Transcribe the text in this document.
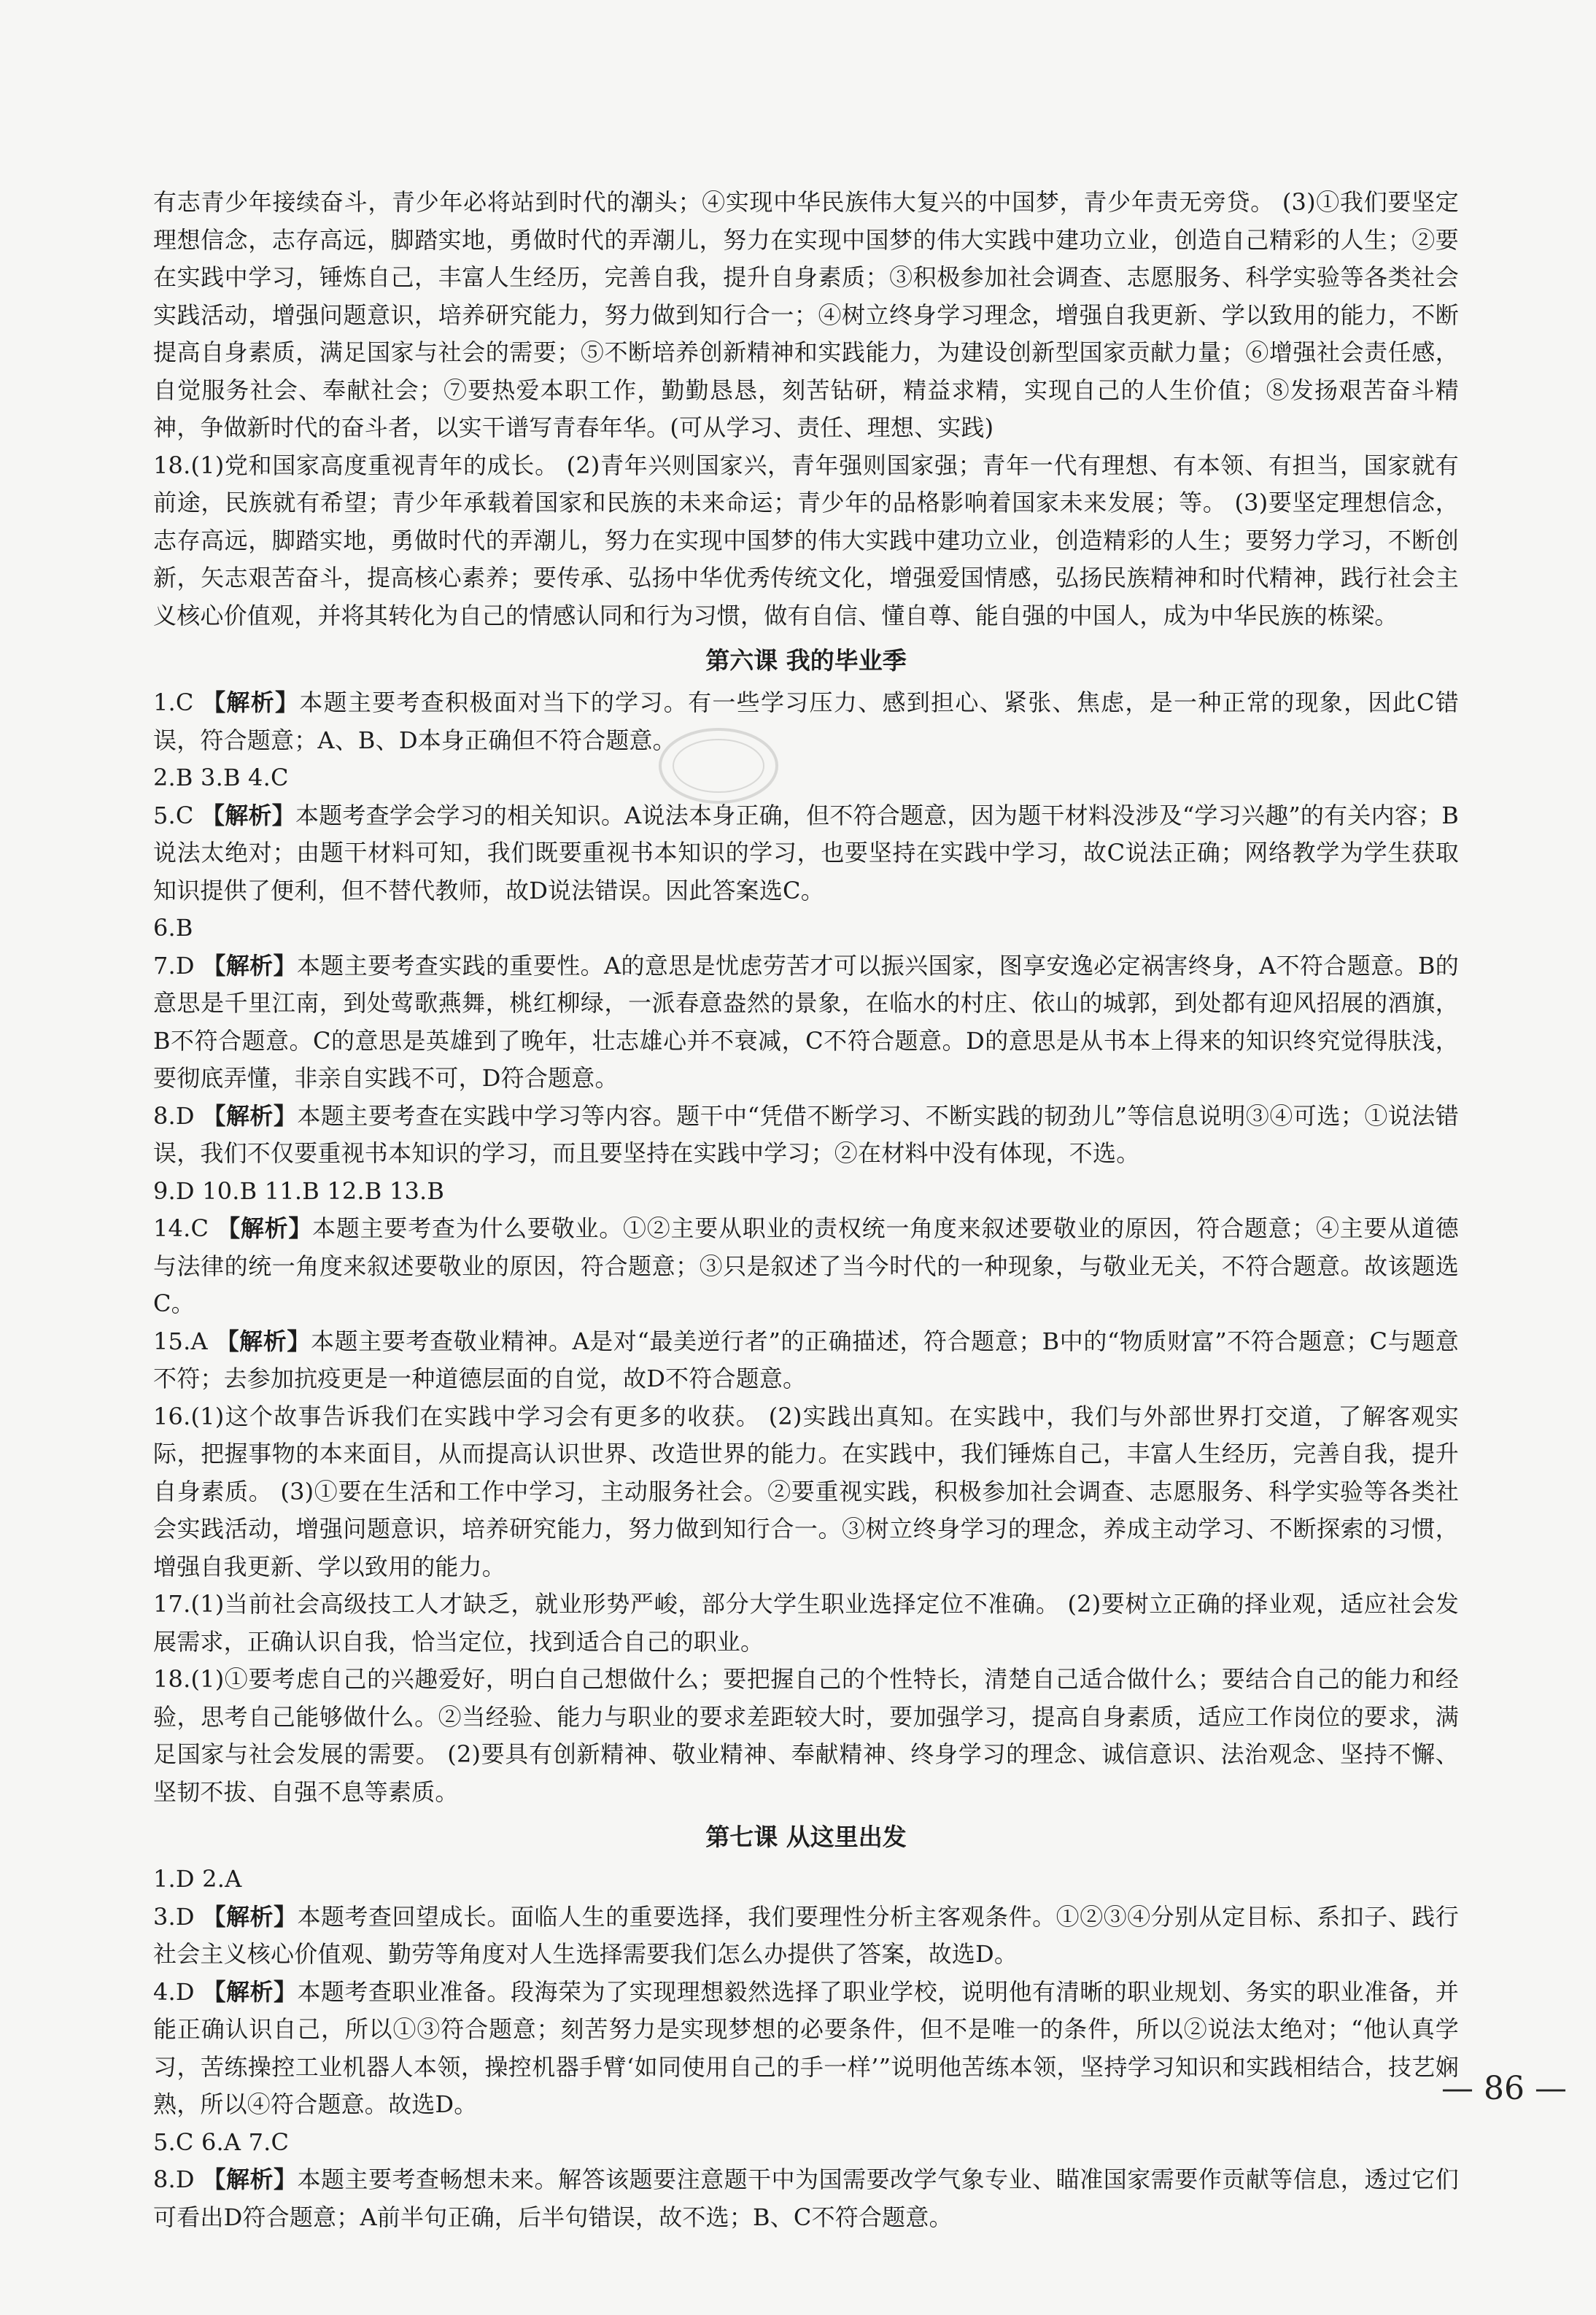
有志青少年接续奋斗，青少年必将站到时代的潮头；④实现中华民族伟大复兴的中国梦，青少年责无旁贷。 (3)①我们要坚定理想信念，志存高远，脚踏实地，勇做时代的弄潮儿，努力在实现中国梦的伟大实践中建功立业，创造自己精彩的人生；②要在实践中学习，锤炼自己，丰富人生经历，完善自我，提升自身素质；③积极参加社会调查、志愿服务、科学实验等各类社会实践活动，增强问题意识，培养研究能力，努力做到知行合一；④树立终身学习理念，增强自我更新、学以致用的能力，不断提高自身素质，满足国家与社会的需要；⑤不断培养创新精神和实践能力，为建设创新型国家贡献力量；⑥增强社会责任感，自觉服务社会、奉献社会；⑦要热爱本职工作，勤勤恳恳，刻苦钻研，精益求精，实现自己的人生价值；⑧发扬艰苦奋斗精神，争做新时代的奋斗者，以实干谱写青春年华。(可从学习、责任、理想、实践)

18.(1)党和国家高度重视青年的成长。 (2)青年兴则国家兴，青年强则国家强；青年一代有理想、有本领、有担当，国家就有前途，民族就有希望；青少年承载着国家和民族的未来命运；青少年的品格影响着国家未来发展；等。 (3)要坚定理想信念，志存高远，脚踏实地，勇做时代的弄潮儿，努力在实现中国梦的伟大实践中建功立业，创造精彩的人生；要努力学习，不断创新，矢志艰苦奋斗，提高核心素养；要传承、弘扬中华优秀传统文化，增强爱国情感，弘扬民族精神和时代精神，践行社会主义核心价值观，并将其转化为自己的情感认同和行为习惯，做有自信、懂自尊、能自强的中国人，成为中华民族的栋梁。

第六课 我的毕业季

1.C 【解析】本题主要考查积极面对当下的学习。有一些学习压力、感到担心、紧张、焦虑，是一种正常的现象，因此C错误，符合题意；A、B、D本身正确但不符合题意。

2.B 3.B 4.C

5.C 【解析】本题考查学会学习的相关知识。A说法本身正确，但不符合题意，因为题干材料没涉及“学习兴趣”的有关内容；B说法太绝对；由题干材料可知，我们既要重视书本知识的学习，也要坚持在实践中学习，故C说法正确；网络教学为学生获取知识提供了便利，但不替代教师，故D说法错误。因此答案选C。

6.B

7.D 【解析】本题主要考查实践的重要性。A的意思是忧虑劳苦才可以振兴国家，图享安逸必定祸害终身，A不符合题意。B的意思是千里江南，到处莺歌燕舞，桃红柳绿，一派春意盎然的景象，在临水的村庄、依山的城郭，到处都有迎风招展的酒旗，B不符合题意。C的意思是英雄到了晚年，壮志雄心并不衰减，C不符合题意。D的意思是从书本上得来的知识终究觉得肤浅，要彻底弄懂，非亲自实践不可，D符合题意。

8.D 【解析】本题主要考查在实践中学习等内容。题干中“凭借不断学习、不断实践的韧劲儿”等信息说明③④可选；①说法错误，我们不仅要重视书本知识的学习，而且要坚持在实践中学习；②在材料中没有体现，不选。

9.D 10.B 11.B 12.B 13.B

14.C 【解析】本题主要考查为什么要敬业。①②主要从职业的责权统一角度来叙述要敬业的原因，符合题意；④主要从道德与法律的统一角度来叙述要敬业的原因，符合题意；③只是叙述了当今时代的一种现象，与敬业无关，不符合题意。故该题选C。

15.A 【解析】本题主要考查敬业精神。A是对“最美逆行者”的正确描述，符合题意；B中的“物质财富”不符合题意；C与题意不符；去参加抗疫更是一种道德层面的自觉，故D不符合题意。

16.(1)这个故事告诉我们在实践中学习会有更多的收获。 (2)实践出真知。在实践中，我们与外部世界打交道，了解客观实际，把握事物的本来面目，从而提高认识世界、改造世界的能力。在实践中，我们锤炼自己，丰富人生经历，完善自我，提升自身素质。 (3)①要在生活和工作中学习，主动服务社会。②要重视实践，积极参加社会调查、志愿服务、科学实验等各类社会实践活动，增强问题意识，培养研究能力，努力做到知行合一。③树立终身学习的理念，养成主动学习、不断探索的习惯，增强自我更新、学以致用的能力。

17.(1)当前社会高级技工人才缺乏，就业形势严峻，部分大学生职业选择定位不准确。 (2)要树立正确的择业观，适应社会发展需求，正确认识自我，恰当定位，找到适合自己的职业。

18.(1)①要考虑自己的兴趣爱好，明白自己想做什么；要把握自己的个性特长，清楚自己适合做什么；要结合自己的能力和经验，思考自己能够做什么。②当经验、能力与职业的要求差距较大时，要加强学习，提高自身素质，适应工作岗位的要求，满足国家与社会发展的需要。 (2)要具有创新精神、敬业精神、奉献精神、终身学习的理念、诚信意识、法治观念、坚持不懈、坚韧不拔、自强不息等素质。

第七课 从这里出发

1.D 2.A

3.D 【解析】本题考查回望成长。面临人生的重要选择，我们要理性分析主客观条件。①②③④分别从定目标、系扣子、践行社会主义核心价值观、勤劳等角度对人生选择需要我们怎么办提供了答案，故选D。

4.D 【解析】本题考查职业准备。段海荣为了实现理想毅然选择了职业学校，说明他有清晰的职业规划、务实的职业准备，并能正确认识自己，所以①③符合题意；刻苦努力是实现梦想的必要条件，但不是唯一的条件，所以②说法太绝对；“他认真学习，苦练操控工业机器人本领，操控机器手臂‘如同使用自己的手一样’”说明他苦练本领，坚持学习知识和实践相结合，技艺娴熟，所以④符合题意。故选D。

5.C 6.A 7.C

8.D 【解析】本题主要考查畅想未来。解答该题要注意题干中为国需要改学气象专业、瞄准国家需要作贡献等信息，透过它们可看出D符合题意；A前半句正确，后半句错误，故不选；B、C不符合题意。

— 86 —
